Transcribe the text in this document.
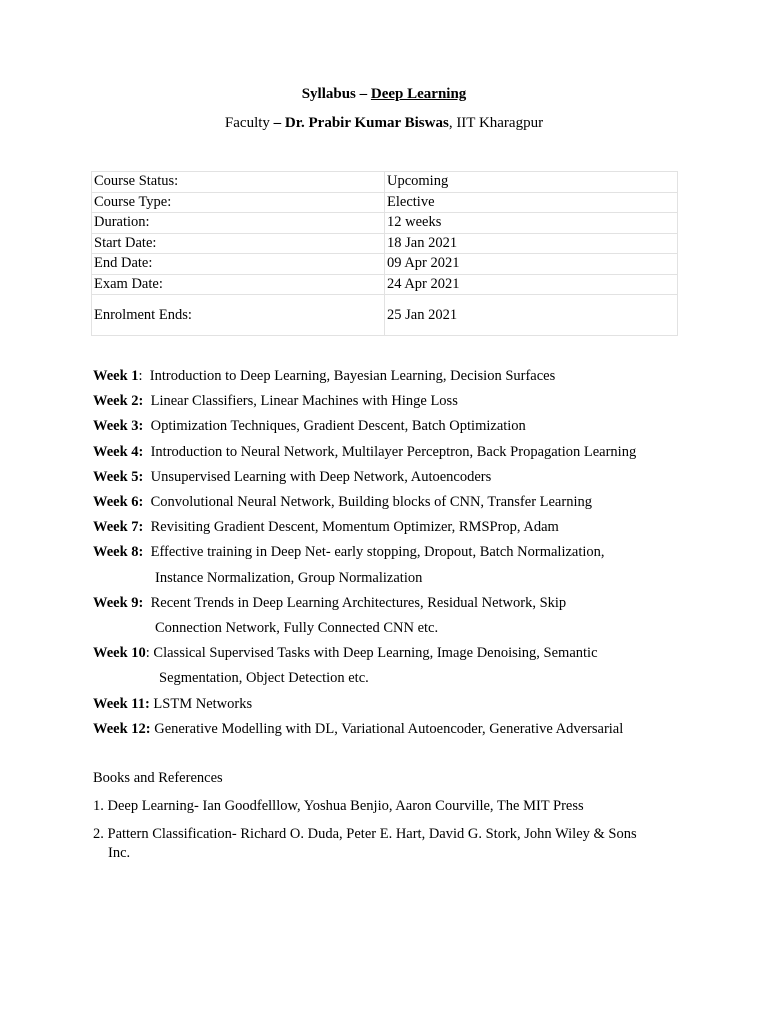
Syllabus – Deep Learning
Faculty – Dr. Prabir Kumar Biswas, IIT Kharagpur
Course Status:	Upcoming
Course Type:	Elective
Duration:	12 weeks
Start Date:	18 Jan 2021
End Date:	09 Apr 2021
Exam Date:	24 Apr 2021
Enrolment Ends:	25 Jan 2021
Week 1:  Introduction to Deep Learning, Bayesian Learning, Decision Surfaces
Week 2: Linear Classifiers, Linear Machines with Hinge Loss
Week 3: Optimization Techniques, Gradient Descent, Batch Optimization
Week 4: Introduction to Neural Network, Multilayer Perceptron, Back Propagation Learning
Week 5: Unsupervised Learning with Deep Network, Autoencoders
Week 6: Convolutional Neural Network, Building blocks of CNN, Transfer Learning
Week 7: Revisiting Gradient Descent, Momentum Optimizer, RMSProp, Adam
Week 8: Effective training in Deep Net- early stopping, Dropout, Batch Normalization,
Instance Normalization, Group Normalization
Week 9: Recent Trends in Deep Learning Architectures, Residual Network, Skip
Connection Network, Fully Connected CNN etc.
Week 10: Classical Supervised Tasks with Deep Learning, Image Denoising, Semantic
Segmentation, Object Detection etc.
Week 11: LSTM Networks
Week 12: Generative Modelling with DL, Variational Autoencoder, Generative Adversarial
Books and References
1. Deep Learning- Ian Goodfelllow, Yoshua Benjio, Aaron Courville, The MIT Press
2. Pattern Classification- Richard O. Duda, Peter E. Hart, David G. Stork, John Wiley & Sons
Inc.
